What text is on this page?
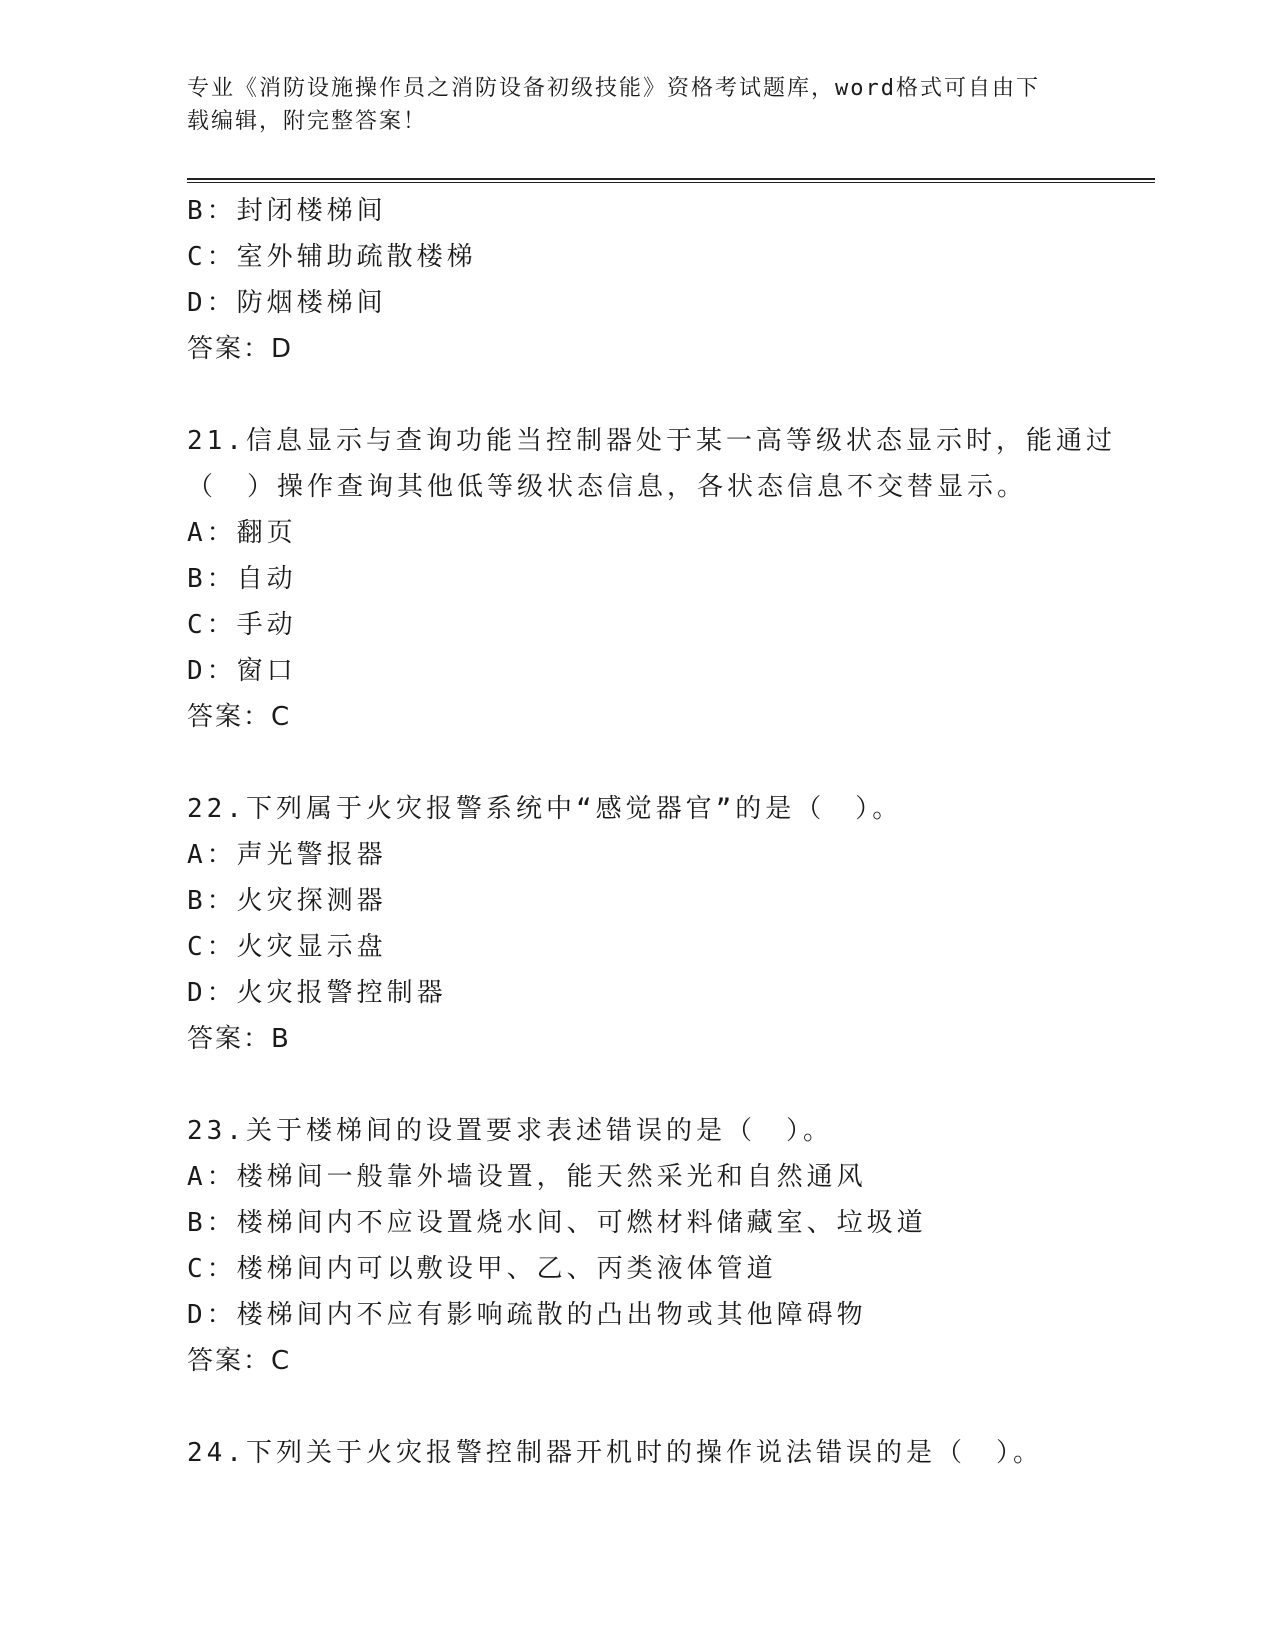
专业《消防设施操作员之消防设备初级技能》资格考试题库，word格式可自由下
载编辑，附完整答案！
B：封闭楼梯间
C：室外辅助疏散楼梯
D：防烟楼梯间
答案：D
21.信息显示与查询功能当控制器处于某一高等级状态显示时，能通过
（　）操作查询其他低等级状态信息，各状态信息不交替显示。
A：翻页
B：自动
C：手动
D：窗口
答案：C
22.下列属于火灾报警系统中“感觉器官”的是（　）。
A：声光警报器
B：火灾探测器
C：火灾显示盘
D：火灾报警控制器
答案：B
23.关于楼梯间的设置要求表述错误的是（　）。
A：楼梯间一般靠外墙设置，能天然采光和自然通风
B：楼梯间内不应设置烧水间、可燃材料储藏室、垃圾道
C：楼梯间内可以敷设甲、乙、丙类液体管道
D：楼梯间内不应有影响疏散的凸出物或其他障碍物
答案：C
24.下列关于火灾报警控制器开机时的操作说法错误的是（　）。
